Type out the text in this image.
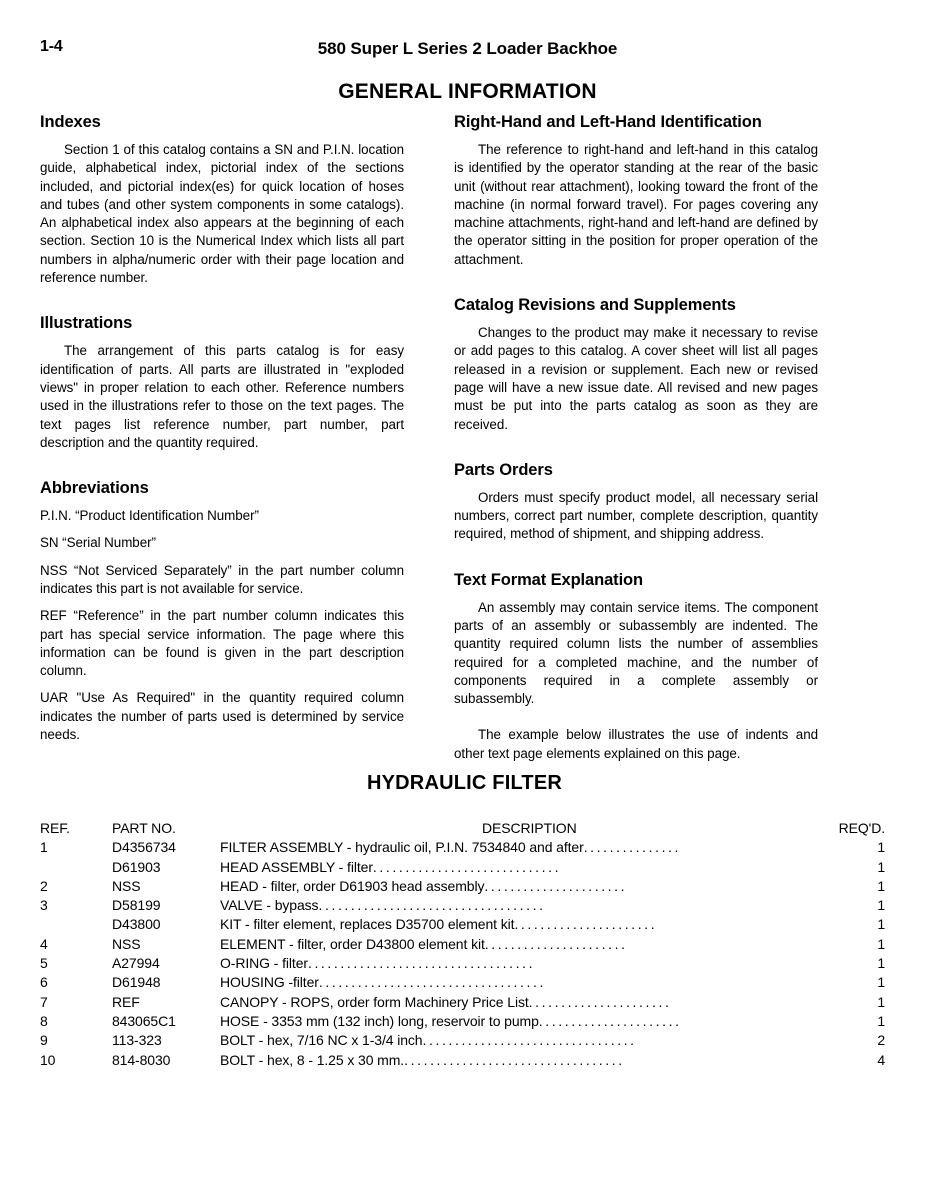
1-4	580 Super L Series 2 Loader Backhoe
GENERAL INFORMATION
Indexes

Section 1 of this catalog contains a SN and P.I.N. location guide, alphabetical index, pictorial index of the sections included, and pictorial index(es) for quick location of hoses and tubes (and other system components in some catalogs). An alphabetical index also appears at the beginning of each section. Section 10 is the Numerical Index which lists all part numbers in alpha/numeric order with their page location and reference number.

Illustrations

The arrangement of this parts catalog is for easy identification of parts. All parts are illustrated in "exploded views" in proper relation to each other. Reference numbers used in the illustrations refer to those on the text pages. The text pages list reference number, part number, part description and the quantity required.

Abbreviations

P.I.N. “Product Identification Number”

SN “Serial Number”

NSS “Not Serviced Separately” in the part number column indicates this part is not available for service.

REF “Reference” in the part number column indicates this part has special service information. The page where this information can be found is given in the part description column.

UAR "Use As Required" in the quantity required column indicates the number of parts used is determined by service needs.

Right-Hand and Left-Hand Identification

The reference to right-hand and left-hand in this catalog is identified by the operator standing at the rear of the basic unit (without rear attachment), looking toward the front of the machine (in normal forward travel). For pages covering any machine attachments, right-hand and left-hand are defined by the operator sitting in the position for proper operation of the attachment.

Catalog Revisions and Supplements

Changes to the product may make it necessary to revise or add pages to this catalog. A cover sheet will list all pages released in a revision or supplement. Each new or revised page will have a new issue date. All revised and new pages must be put into the parts catalog as soon as they are received.

Parts Orders

Orders must specify product model, all necessary serial numbers, correct part number, complete description, quantity required, method of shipment, and shipping address.

Text Format Explanation

An assembly may contain service items. The component parts of an assembly or subassembly are indented. The quantity required column lists the number of assemblies required for a completed machine, and the number of components required in a complete assembly or subassembly.

The example below illustrates the use of indents and other text page elements explained on this page.

HYDRAULIC FILTER
REF.	PART NO.	DESCRIPTION	REQ'D.
1	D4356734	FILTER ASSEMBLY - hydraulic oil, P.I.N. 7534840 and after...............	1
	D61903	HEAD ASSEMBLY - filter.............................	1
2	NSS	HEAD - filter, order D61903 head assembly......................	1
3	D58199	VALVE - bypass...................................	1
	D43800	KIT - filter element, replaces D35700 element kit......................	1
4	NSS	ELEMENT - filter, order D43800 element kit......................	1
5	A27994	O-RING - filter...................................	1
6	D61948	HOUSING -filter...................................	1
7	REF	CANOPY - ROPS, order form Machinery Price List......................	1
8	843065C1	HOSE - 3353 mm (132 inch) long, reservoir to pump......................	1
9	113-323	BOLT - hex, 7/16 NC x 1-3/4 inch.................................	2
10	814-8030	BOLT - hex, 8 - 1.25 x 30 mm...................................	4
